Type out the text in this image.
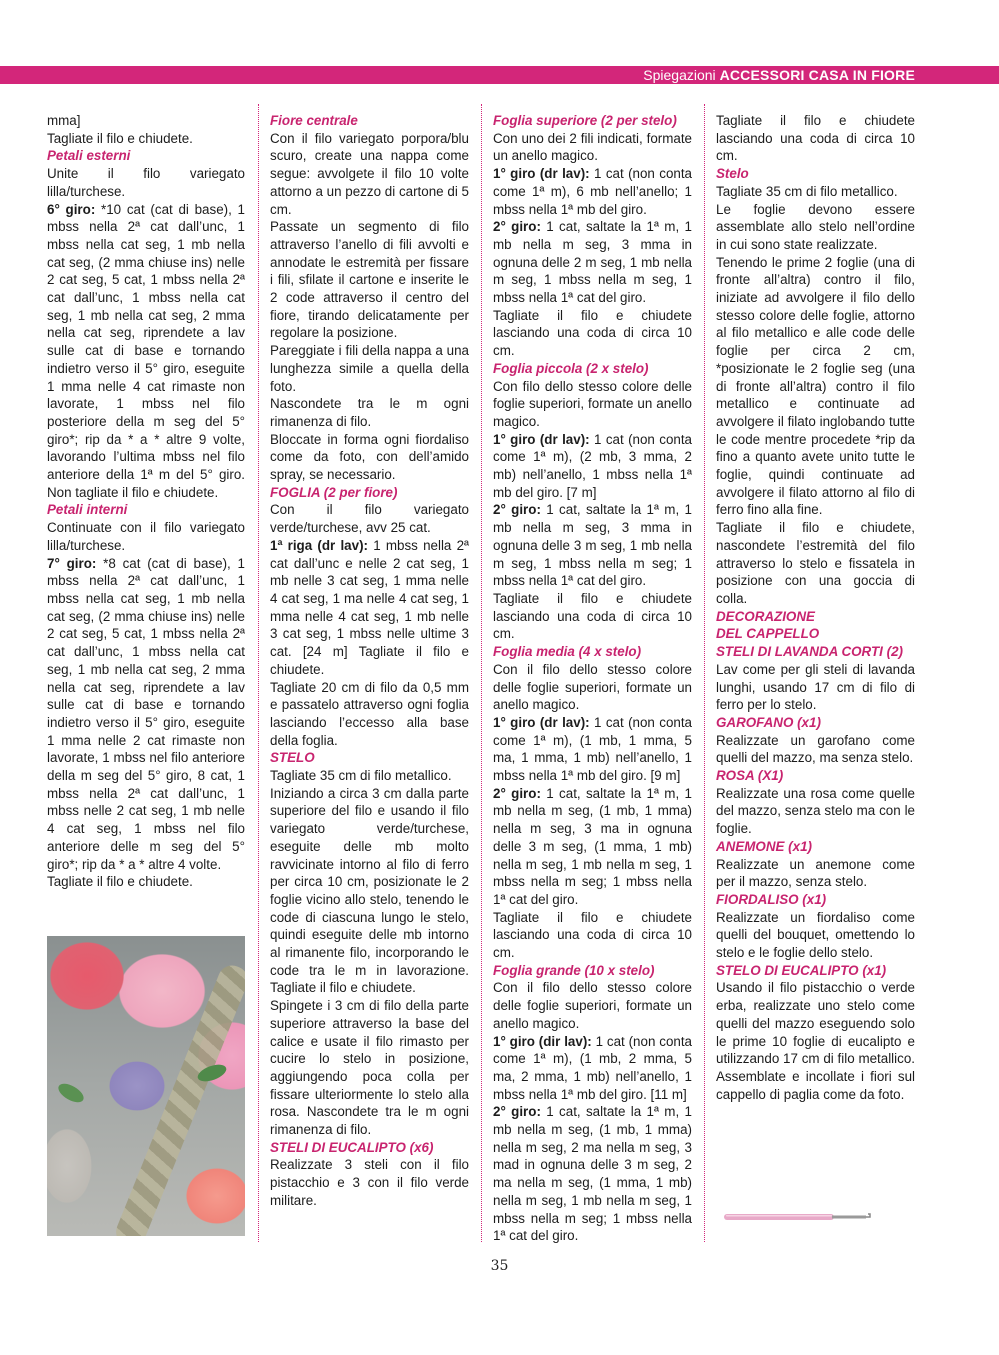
Spiegazioni ACCESSORI CASA IN FIORE

mma]

Tagliate il filo e chiudete.

Petali esterni

Unite il filo variegato lilla/turchese.

6° giro: *10 cat (cat di base), 1 mbss nella 2ª cat dall’unc, 1 mbss nella cat seg, 1 mb nella cat seg, (2 mma chiuse ins) nelle 2 cat seg, 5 cat, 1 mbss nella 2ª cat dall’unc, 1 mbss nella cat seg, 1 mb nella cat seg, 2 mma nella cat seg, riprendete a lav sulle cat di base e tornando indietro verso il 5° giro, eseguite 1 mma nelle 4 cat rimaste non lavorate, 1 mbss nel filo posteriore della m seg del 5° giro*; rip da * a * altre 9 volte, lavorando l’ultima mbss nel filo anteriore della 1ª m del 5° giro. Non tagliate il filo e chiudete.

Petali interni

Continuate con il filo variegato lilla/turchese.

7° giro: *8 cat (cat di base), 1 mbss nella 2ª cat dall’unc, 1 mbss nella cat seg, 1 mb nella cat seg, (2 mma chiuse ins) nelle 2 cat seg, 5 cat, 1 mbss nella 2ª cat dall’unc, 1 mbss nella cat seg, 1 mb nella cat seg, 2 mma nella cat seg, riprendete a lav sulle cat di base e tornando indietro verso il 5° giro, eseguite 1 mma nelle 2 cat rimaste non lavorate, 1 mbss nel filo anteriore della m seg del 5° giro, 8 cat, 1 mbss nella 2ª cat dall’unc, 1 mbss nelle 2 cat seg, 1 mb nelle 4 cat seg, 1 mbss nel filo anteriore delle m seg del 5° giro*; rip da * a * altre 4 volte.

Tagliate il filo e chiudete.

Fiore centrale

Con il filo variegato porpora/blu scuro, create una nappa come segue: avvolgete il filo 10 volte attorno a un pezzo di cartone di 5 cm.

Passate un segmento di filo attraverso l’anello di fili avvolti e annodate le estremità per fissare i fili, sfilate il cartone e inserite le 2 code attraverso il centro del fiore, tirando delicatamente per regolare la posizione.

Pareggiate i fili della nappa a una lunghezza simile a quella della foto.

Nascondete tra le m ogni rimanenza di filo.

Bloccate in forma ogni fiordaliso come da foto, con dell’amido spray, se necessario.

FOGLIA (2 per fiore)

Con il filo variegato verde/turchese, avv 25 cat.

1ª riga (dr lav): 1 mbss nella 2ª cat dall’unc e nelle 2 cat seg, 1 mb nelle 3 cat seg, 1 mma nelle 4 cat seg, 1 ma nelle 4 cat seg, 1 mma nelle 4 cat seg, 1 mb nelle 3 cat seg, 1 mbss nelle ultime 3 cat. [24 m] Tagliate il filo e chiudete.

Tagliate 20 cm di filo da 0,5 mm e passatelo attraverso ogni foglia lasciando l’eccesso alla base della foglia.

STELO

Tagliate 35 cm di filo metallico.

Iniziando a circa 3 cm dalla parte superiore del filo e usando il filo variegato verde/turchese, eseguite delle mb molto ravvicinate intorno al filo di ferro per circa 10 cm, posizionate le 2 foglie vicino allo stelo, tenendo le code di ciascuna lungo le stelo, quindi eseguite delle mb intorno al rimanente filo, incorporando le code tra le m in lavorazione. Tagliate il filo e chiudete.

Spingete i 3 cm di filo della parte superiore attraverso la base del calice e usate il filo rimasto per cucire lo stelo in posizione, aggiungendo poca colla per fissare ulteriormente lo stelo alla rosa. Nascondete tra le m ogni rimanenza di filo.

STELI DI EUCALIPTO (x6)

Realizzate 3 steli con il filo pistacchio e 3 con il filo verde militare.

Foglia superiore (2 per stelo)

Con uno dei 2 fili indicati, formate un anello magico.

1° giro (dr lav): 1 cat (non conta come 1ª m), 6 mb nell’anello; 1 mbss nella 1ª mb del giro.

2° giro: 1 cat, saltate la 1ª m, 1 mb nella m seg, 3 mma in ognuna delle 2 m seg, 1 mb nella m seg, 1 mbss nella m seg, 1 mbss nella 1ª cat del giro.

Tagliate il filo e chiudete lasciando una coda di circa 10 cm.

Foglia piccola (2 x stelo)

Con filo dello stesso colore delle foglie superiori, formate un anello magico.

1° giro (dr lav): 1 cat (non conta come 1ª m), (2 mb, 3 mma, 2 mb) nell’anello, 1 mbss nella 1ª mb del giro. [7 m]

2° giro: 1 cat, saltate la 1ª m, 1 mb nella m seg, 3 mma in ognuna delle 3 m seg, 1 mb nella m seg, 1 mbss nella m seg; 1 mbss nella 1ª cat del giro.

Tagliate il filo e chiudete lasciando una coda di circa 10 cm.

Foglia media (4 x stelo)

Con il filo dello stesso colore delle foglie superiori, formate un anello magico.

1° giro (dr lav): 1 cat (non conta come 1ª m), (1 mb, 1 mma, 5 ma, 1 mma, 1 mb) nell’anello, 1 mbss nella 1ª mb del giro. [9 m]

2° giro: 1 cat, saltate la 1ª m, 1 mb nella m seg, (1 mb, 1 mma) nella m seg, 3 ma in ognuna delle 3 m seg, (1 mma, 1 mb) nella m seg, 1 mb nella m seg, 1 mbss nella m seg; 1 mbss nella 1ª cat del giro.

Tagliate il filo e chiudete lasciando una coda di circa 10 cm.

Foglia grande (10 x stelo)

Con il filo dello stesso colore delle foglie superiori, formate un anello magico.

1° giro (dir lav): 1 cat (non conta come 1ª m), (1 mb, 2 mma, 5 ma, 2 mma, 1 mb) nell’anello, 1 mbss nella 1ª mb del giro. [11 m]

2° giro: 1 cat, saltate la 1ª m, 1 mb nella m seg, (1 mb, 1 mma) nella m seg, 2 ma nella m seg, 3 mad in ognuna delle 3 m seg, 2 ma nella m seg, (1 mma, 1 mb) nella m seg, 1 mb nella m seg, 1 mbss nella m seg; 1 mbss nella 1ª cat del giro.

Tagliate il filo e chiudete lasciando una coda di circa 10 cm.

Stelo

Tagliate 35 cm di filo metallico.

Le foglie devono essere assemblate allo stelo nell’ordine in cui sono state realizzate.

Tenendo le prime 2 foglie (una di fronte all’altra) contro il filo, iniziate ad avvolgere il filo dello stesso colore delle foglie, attorno al filo metallico e alle code delle foglie per circa 2 cm, *posizionate le 2 foglie seg (una di fronte all’altra) contro il filo metallico e continuate ad avvolgere il filato inglobando tutte le code mentre procedete *rip da fino a quanto avete unito tutte le foglie, quindi continuate ad avvolgere il filato attorno al filo di ferro fino alla fine.

Tagliate il filo e chiudete, nascondete l’estremità del filo attraverso lo stelo e fissatela in posizione con una goccia di colla.

DECORAZIONE

DEL CAPPELLO

STELI DI LAVANDA CORTI (2)

Lav come per gli steli di lavanda lunghi, usando 17 cm di filo di ferro per lo stelo.

GAROFANO (x1)

Realizzate un garofano come quelli del mazzo, ma senza stelo.

ROSA (X1)

Realizzate una rosa come quelle del mazzo, senza stelo ma con le foglie.

ANEMONE (x1)

Realizzate un anemone come per il mazzo, senza stelo.

FIORDALISO (x1)

Realizzate un fiordaliso come quelli del bouquet, omettendo lo stelo e le foglie dello stelo.

STELO DI EUCALIPTO (x1)

Usando il filo pistacchio o verde erba, realizzate uno stelo come quelli del mazzo eseguendo solo le prime 10 foglie di eucalipto e utilizzando 17 cm di filo metallico. Assemblate e incollate i fiori sul cappello di paglia come da foto.

35
